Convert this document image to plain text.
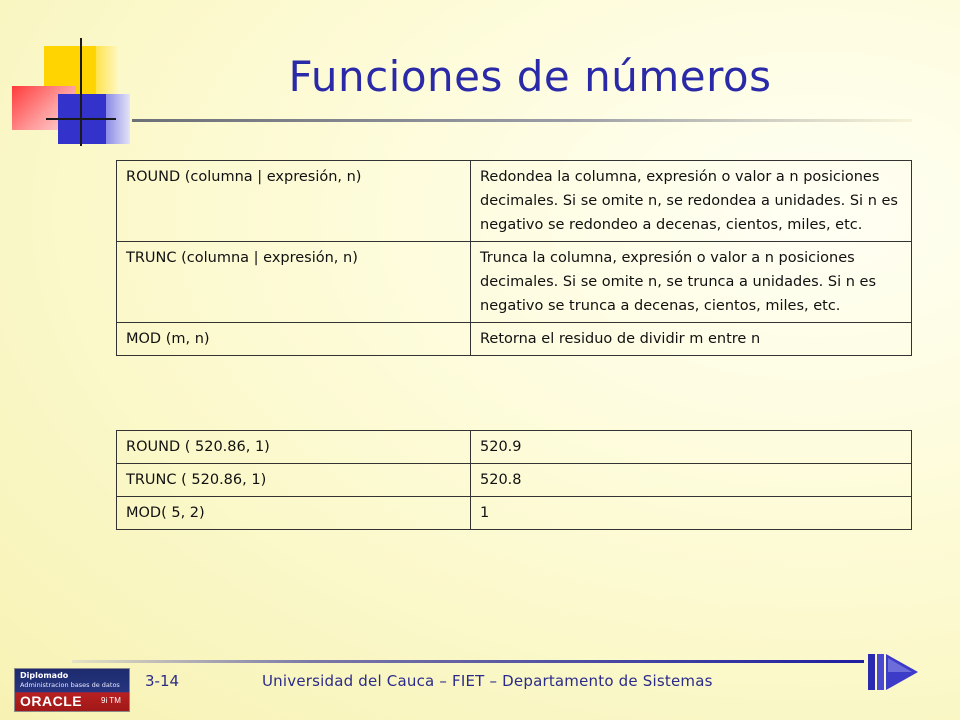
Funciones de números
ROUND (columna | expresión, n)	Redondea la columna, expresión o valor a n posiciones decimales. Si se omite n, se redondea a unidades. Si n es negativo se redondeo a decenas, cientos, miles, etc.
TRUNC (columna | expresión, n)	Trunca la columna, expresión o valor a n posiciones decimales. Si se omite n, se trunca a unidades. Si n es negativo se trunca a decenas, cientos, miles, etc.
MOD (m, n)	Retorna el residuo de dividir m entre n
ROUND ( 520.86, 1)	520.9
TRUNC ( 520.86, 1)	520.8
MOD( 5, 2)	1
Diplomado
Administracion bases de datos
ORACLE 9i TM
3-14	Universidad del Cauca – FIET – Departamento de Sistemas
